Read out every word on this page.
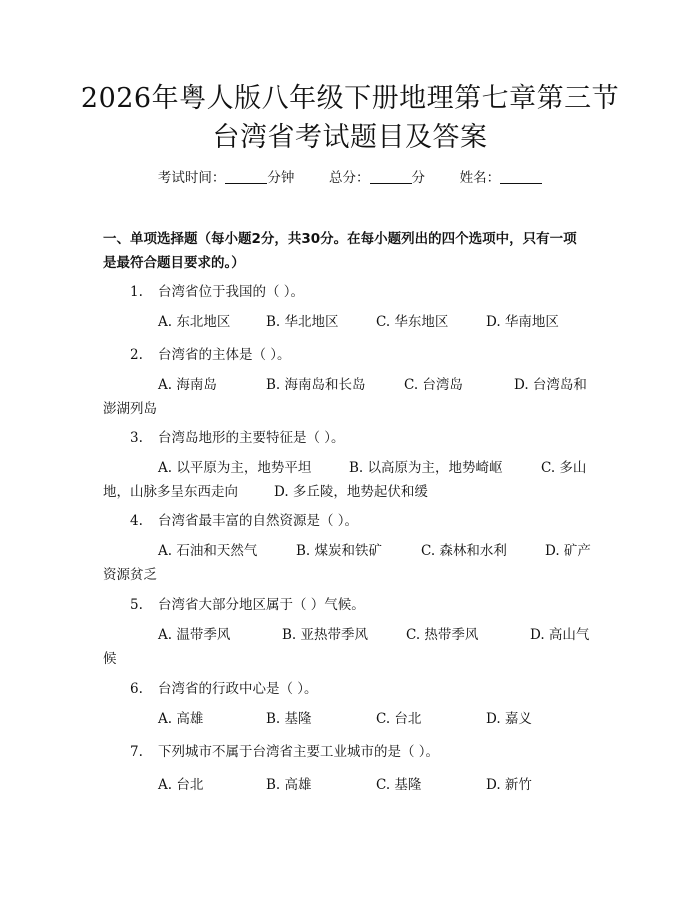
2026年粤人版八年级下册地理第七章第三节
台湾省考试题目及答案
考试时间：	分钟	总分：	分	姓名：
一、单项选择题（每小题2分，共30分。在每小题列出的四个选项中，只有一项
是最符合题目要求的。）
1. 台湾省位于我国的（ ）。
A. 东北地区	B. 华北地区	C. 华东地区	D. 华南地区
2. 台湾省的主体是（ ）。
A. 海南岛	B. 海南岛和长岛	C. 台湾岛	D. 台湾岛和
澎湖列岛
3. 台湾岛地形的主要特征是（ ）。
A. 以平原为主，地势平坦	B. 以高原为主，地势崎岖	C. 多山
地，山脉多呈东西走向	D. 多丘陵，地势起伏和缓
4. 台湾省最丰富的自然资源是（ ）。
A. 石油和天然气	B. 煤炭和铁矿	C. 森林和水利	D. 矿产
资源贫乏
5. 台湾省大部分地区属于（ ）气候。
A. 温带季风	B. 亚热带季风	C. 热带季风	D. 高山气
候
6. 台湾省的行政中心是（ ）。
A. 高雄	B. 基隆	C. 台北	D. 嘉义
7. 下列城市不属于台湾省主要工业城市的是（ ）。
A. 台北	B. 高雄	C. 基隆	D. 新竹
